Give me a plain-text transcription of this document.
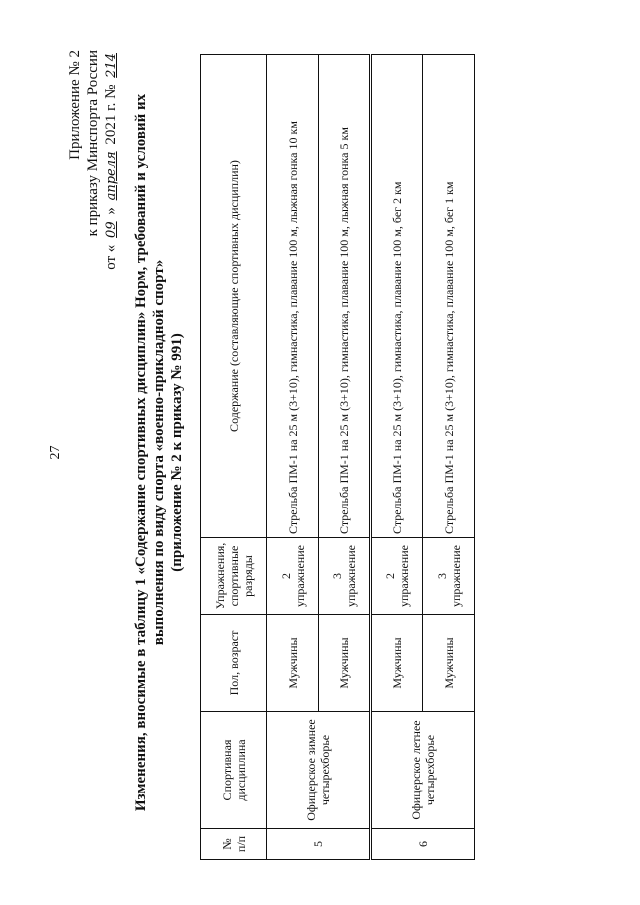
27
Приложение № 2 к приказу Минспорта России
от « 09 » апреля 2021 г. № 214
Изменения, вносимые в таблицу 1 «Содержание спортивных дисциплин» Норм, требований и условий их выполнения по виду спорта «военно-прикладной спорт» (приложение № 2 к приказу № 991)
№ п/п	Спортивная дисциплина	Пол, возраст	Упражнения, спортивные разряды	Содержание (составляющие спортивных дисциплин)
5	Офицерское зимнее четырехборье	Мужчины	2 упражнение	Стрельба ПМ-1 на 25 м (3+10), гимнастика, плавание 100 м, лыжная гонка 10 км
		Мужчины	3 упражнение	Стрельба ПМ-1 на 25 м (3+10), гимнастика, плавание 100 м, лыжная гонка 5 км
6	Офицерское летнее четырехборье	Мужчины	2 упражнение	Стрельба ПМ-1 на 25 м (3+10), гимнастика, плавание 100 м, бег 2 км
		Мужчины	3 упражнение	Стрельба ПМ-1 на 25 м (3+10), гимнастика, плавание 100 м, бег 1 км
